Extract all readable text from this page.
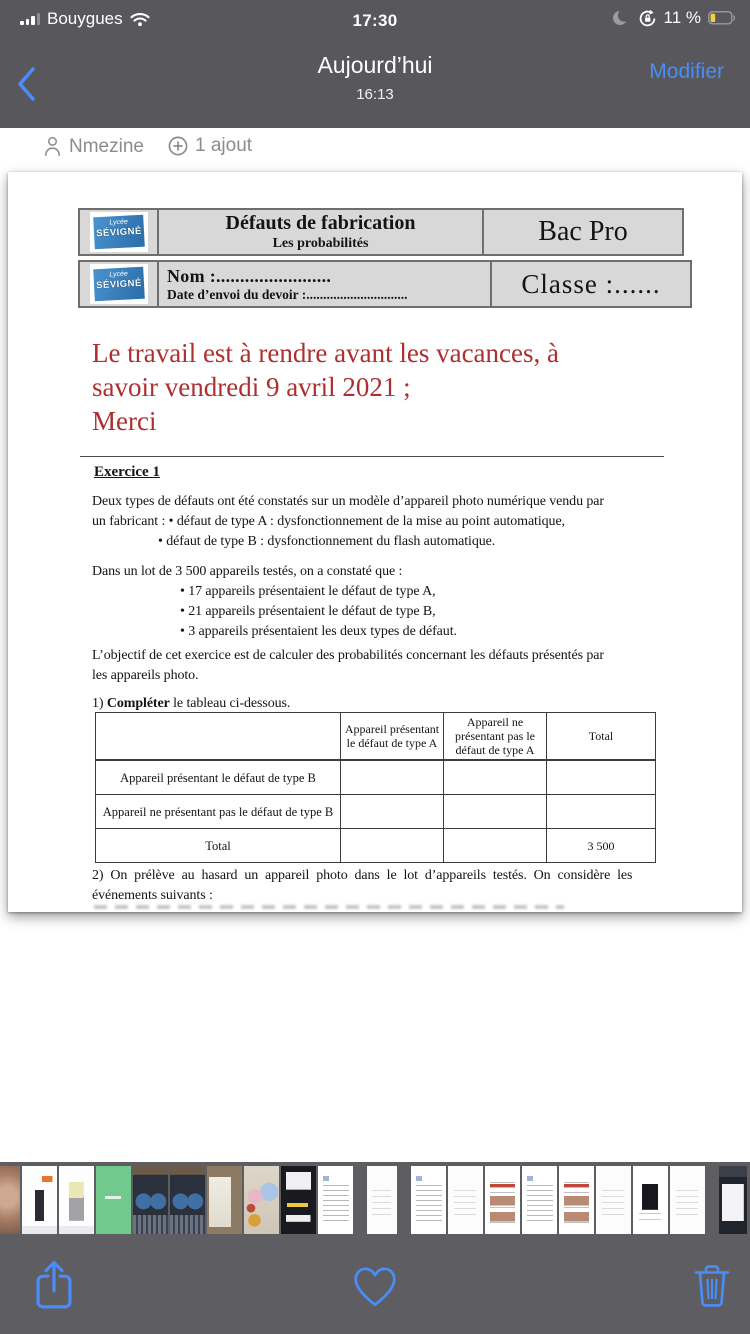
Bouygues	17:30	11 %
Aujourd’hui
16:13
Modifier
Nmezine	1 ajout
Lycée
SÉVIGNÉ	Défauts de fabrication
Les probabilités	Bac Pro
Lycée
SÉVIGNÉ	Nom :........................
Date d’envoi du devoir :..............................	Classe :......
Le travail est à rendre avant les vacances, à
savoir vendredi 9 avril 2021 ;
Merci
Exercice 1
Deux types de défauts ont été constatés sur un modèle d’appareil photo numérique vendu par
un fabricant : • défaut de type A : dysfonctionnement de la mise au point automatique,
• défaut de type B : dysfonctionnement du flash automatique.
Dans un lot de 3 500 appareils testés, on a constaté que :
• 17 appareils présentaient le défaut de type A,
• 21 appareils présentaient le défaut de type B,
• 3 appareils présentaient les deux types de défaut.
L’objectif de cet exercice est de calculer des probabilités concernant les défauts présentés par
les appareils photo.
1) Compléter le tableau ci-dessous.
	Appareil présentant le défaut de type A	Appareil ne présentant pas le défaut de type A	Total
Appareil présentant le défaut de type B			
Appareil ne présentant pas le défaut de type B			
Total			3 500
2) On prélève au hasard un appareil photo dans le lot d’appareils testés. On considère les
événements suivants :
